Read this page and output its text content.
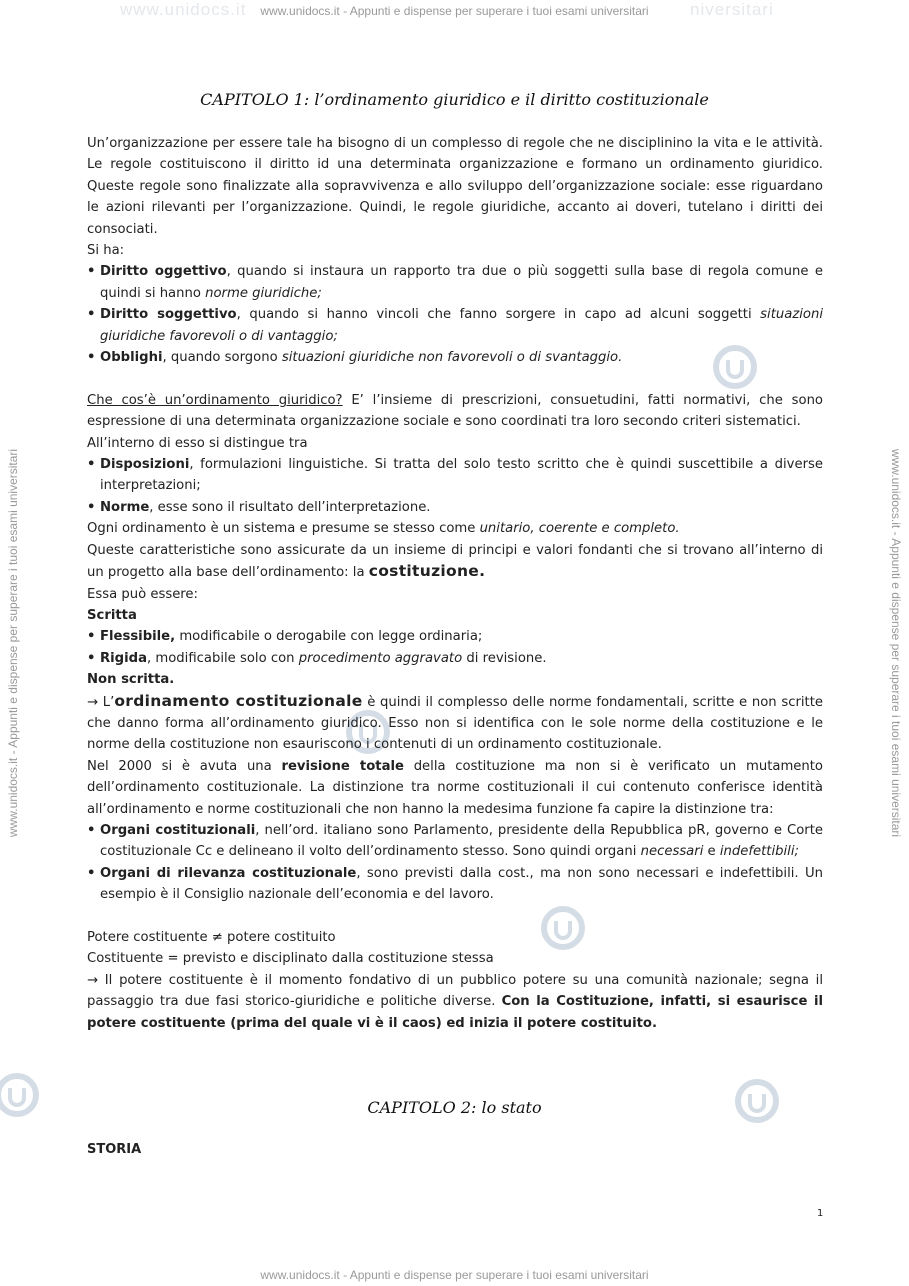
www.unidocs.it	niversitari
www.unidocs.it - Appunti e dispense per superare i tuoi esami universitari
www.unidocs.it - Appunti e dispense per superare i tuoi esami universitari
www.unidocs.it - Appunti e dispense per superare i tuoi esami universitari	www.unidocs.it - Appunti e dispense per superare i tuoi esami universitari
CAPITOLO 1: l’ordinamento giuridico e il diritto costituzionale

Un’organizzazione per essere tale ha bisogno di un complesso di regole che ne disciplinino la vita e le attività. Le regole costituiscono il diritto id una determinata organizzazione e formano un ordinamento giuridico. Queste regole sono finalizzate alla sopravvivenza e allo sviluppo dell’organizzazione sociale: esse riguardano le azioni rilevanti per l’organizzazione. Quindi, le regole giuridiche, accanto ai doveri, tutelano i diritti dei consociati.

Si ha:

• Diritto oggettivo, quando si instaura un rapporto tra due o più soggetti sulla base di regola comune e quindi si hanno norme giuridiche;

• Diritto soggettivo, quando si hanno vincoli che fanno sorgere in capo ad alcuni soggetti situazioni giuridiche favorevoli o di vantaggio;

• Obblighi, quando sorgono situazioni giuridiche non favorevoli o di svantaggio.

Che cos’è un’ordinamento giuridico? E’ l’insieme di prescrizioni, consuetudini, fatti normativi, che sono espressione di una determinata organizzazione sociale e sono coordinati tra loro secondo criteri sistematici.

All’interno di esso si distingue tra

• Disposizioni, formulazioni linguistiche. Si tratta del solo testo scritto che è quindi suscettibile a diverse interpretazioni;

• Norme, esse sono il risultato dell’interpretazione.

Ogni ordinamento è un sistema e presume se stesso come unitario, coerente e completo.

Queste caratteristiche sono assicurate da un insieme di principi e valori fondanti che si trovano all’interno di un progetto alla base dell’ordinamento: la costituzione.

Essa può essere:

Scritta

• Flessibile, modificabile o derogabile con legge ordinaria;

• Rigida, modificabile solo con procedimento aggravato di revisione.

Non scritta.

→ L’ordinamento costituzionale è quindi il complesso delle norme fondamentali, scritte e non scritte che danno forma all’ordinamento giuridico. Esso non si identifica con le sole norme della costituzione e le norme della costituzione non esauriscono i contenuti di un ordinamento costituzionale.

Nel 2000 si è avuta una revisione totale della costituzione ma non si è verificato un mutamento dell’ordinamento costituzionale. La distinzione tra norme costituzionali il cui contenuto conferisce identità all’ordinamento e norme costituzionali che non hanno la medesima funzione fa capire la distinzione tra:

• Organi costituzionali, nell’ord. italiano sono Parlamento, presidente della Repubblica pR, governo e Corte costituzionale Cc e delineano il volto dell’ordinamento stesso. Sono quindi organi necessari e indefettibili;

• Organi di rilevanza costituzionale, sono previsti dalla cost., ma non sono necessari e indefettibili. Un esempio è il Consiglio nazionale dell’economia e del lavoro.

Potere costituente ≠ potere costituito

Costituente = previsto e disciplinato dalla costituzione stessa

→ Il potere costituente è il momento fondativo di un pubblico potere su una comunità nazionale; segna il passaggio tra due fasi storico-giuridiche e politiche diverse. Con la Costituzione, infatti, si esaurisce il potere costituente (prima del quale vi è il caos) ed inizia il potere costituito.

CAPITOLO 2: lo stato
STORIA
1
